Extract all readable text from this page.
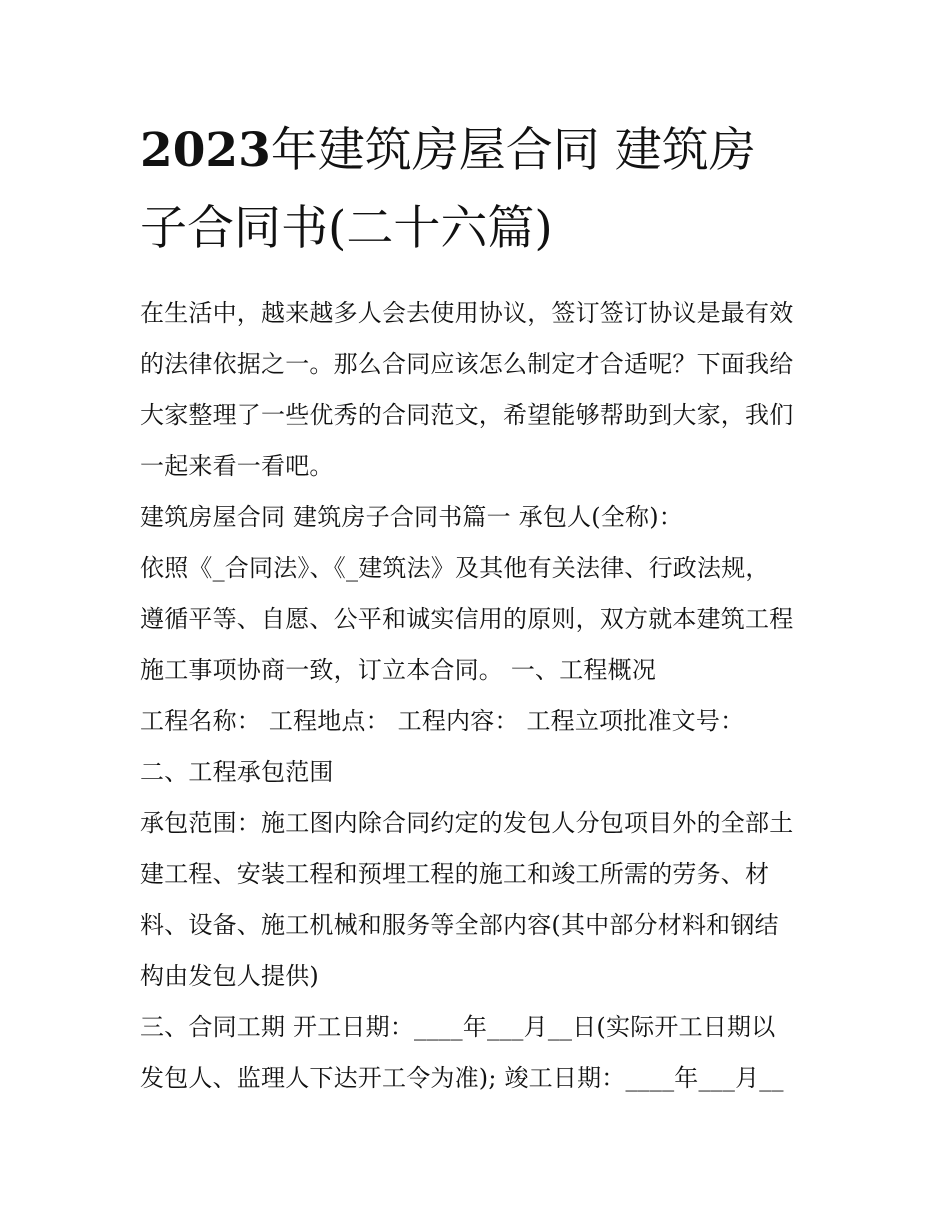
2023年建筑房屋合同 建筑房
子合同书(二十六篇)

在生活中，越来越多人会去使用协议，签订签订协议是最有效
的法律依据之一。那么合同应该怎么制定才合适呢？下面我给
大家整理了一些优秀的合同范文，希望能够帮助到大家，我们
一起来看一看吧。

建筑房屋合同 建筑房子合同书篇一 承包人(全称)：

依照《_合同法》、《_建筑法》及其他有关法律、行政法规，
遵循平等、自愿、公平和诚实信用的原则，双方就本建筑工程
施工事项协商一致，订立本合同。 一、工程概况

工程名称： 工程地点： 工程内容： 工程立项批准文号：

二、工程承包范围

承包范围：施工图内除合同约定的发包人分包项目外的全部土
建工程、安装工程和预埋工程的施工和竣工所需的劳务、材
料、设备、施工机械和服务等全部内容(其中部分材料和钢结
构由发包人提供)

三、合同工期 开工日期：____年___月__日(实际开工日期以
发包人、监理人下达开工令为准); 竣工日期：____年___月__
